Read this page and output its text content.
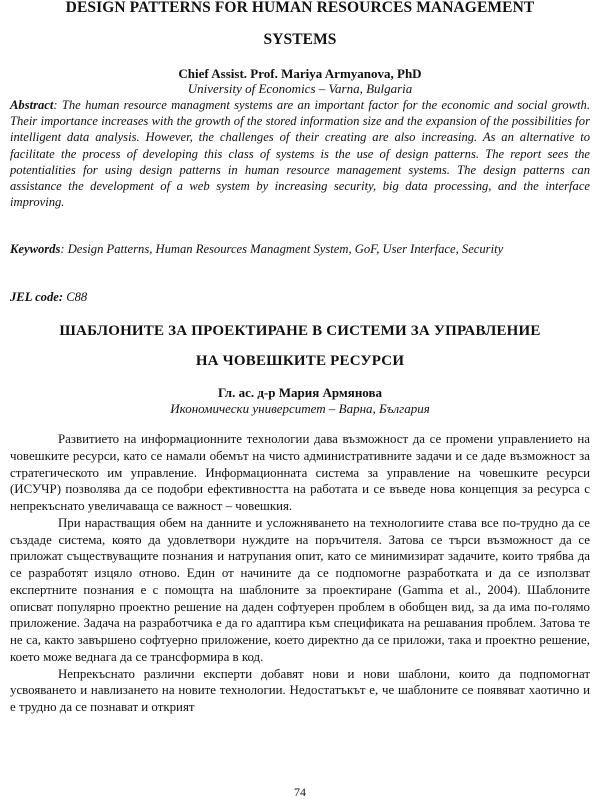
DESIGN PATTERNS FOR HUMAN RESOURCES MANAGEMENT
SYSTEMS
Chief Assist. Prof. Mariya Armyanova, PhD
University of Economics – Varna, Bulgaria
Abstract: The human resource managment systems are an important factor for the economic and social growth. Their importance increases with the growth of the stored information size and the expansion of the possibilities for intelligent data analysis. However, the challenges of their creating are also increasing. As an alternative to facilitate the process of developing this class of systems is the use of design patterns. The report sees the potentialities for using design patterns in human resource management systems. The design patterns can assistance the development of a web system by increasing security, big data processing, and the interface improving.
Keywords: Design Patterns, Human Resources Managment System, GoF, User Interface, Security
JEL code: C88
ШАБЛОНИТЕ ЗА ПРОЕКТИРАНЕ В СИСТЕМИ ЗА УПРАВЛЕНИЕ
НА ЧОВЕШКИТЕ РЕСУРСИ
Гл. ас. д-р Мария Армянова
Икономически университет – Варна, България

Развитието на информационните технологии дава възможност да се промени управлението на човешките ресурси, като се намали обемът на чисто административните задачи и се даде възможност за стратегическото им управление. Информационната система за управление на човешките ресурси (ИСУЧР) позволява да се подобри ефективността на работата и се въведе нова концепция за ресурса с непрекъснато увеличаваща се важност – човешкия.

При нарастващия обем на данните и усложняването на технологиите става все по-трудно да се създаде система, която да удовлетвори нуждите на поръчителя. Затова се търси възможност да се приложат съществуващите познания и натрупания опит, като се минимизират задачите, които трябва да се разработят изцяло отново. Един от начините да се подпомогне разработката и да се използват експертните познания е с помощта на шаблоните за проектиране (Gamma et al., 2004). Шаблоните описват популярно проектно решение на даден софтуерен проблем в обобщен вид, за да има по-голямо приложение. Задача на разработчика е да го адаптира към спецификата на решавания проблем. Затова те не са, както завършено софтуерно приложение, което директно да се приложи, така и проектно решение, което може веднага да се трансформира в код.

Непрекъснато различни експерти добавят нови и нови шаблони, които да подпомогнат усвояването и навлизането на новите технологии. Недостатъкът е, че шаблоните се появяват хаотично и е трудно да се познават и открият

74
